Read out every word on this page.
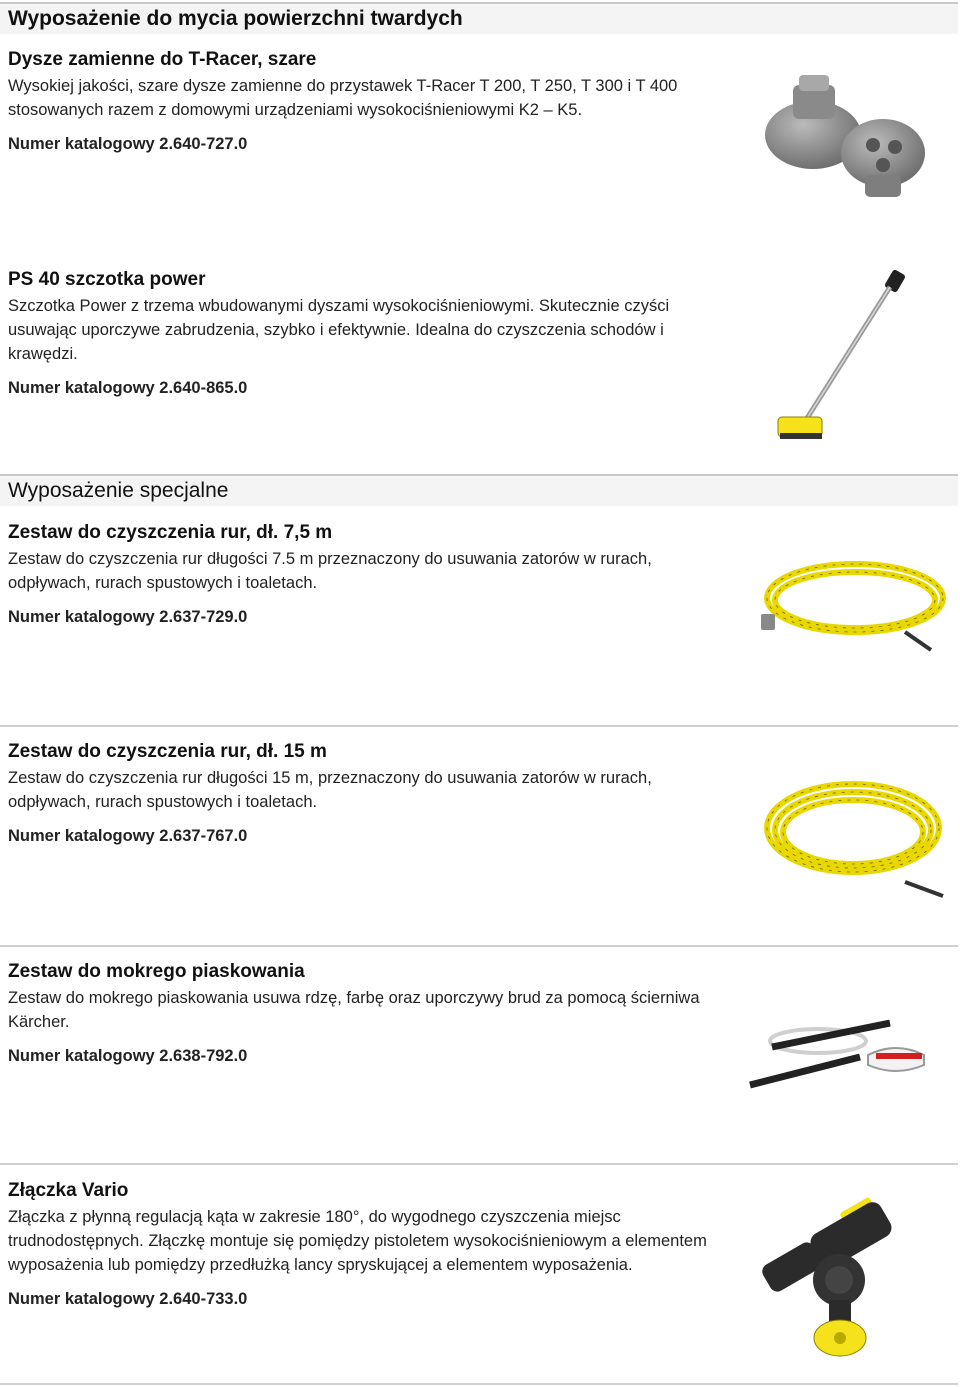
Wyposażenie do mycia powierzchni twardych
Dysze zamienne do T-Racer, szare
Wysokiej jakości, szare dysze zamienne do przystawek T-Racer T 200, T 250, T 300 i T 400 stosowanych razem z domowymi urządzeniami wysokociśnieniowymi K2 – K5.
Numer katalogowy 2.640-727.0
PS 40 szczotka power
Szczotka Power z trzema wbudowanymi dyszami wysokociśnieniowymi. Skutecznie czyści usuwając uporczywe zabrudzenia, szybko i efektywnie. Idealna do czyszczenia schodów i krawędzi.
Numer katalogowy 2.640-865.0
Wyposażenie specjalne
Zestaw do czyszczenia rur, dł. 7,5 m
Zestaw do czyszczenia rur długości 7.5 m przeznaczony do usuwania zatorów w rurach, odpływach, rurach spustowych i toaletach.
Numer katalogowy 2.637-729.0
Zestaw do czyszczenia rur, dł. 15 m
Zestaw do czyszczenia rur długości 15 m, przeznaczony do usuwania zatorów w rurach, odpływach, rurach spustowych i toaletach.
Numer katalogowy 2.637-767.0
Zestaw do mokrego piaskowania
Zestaw do mokrego piaskowania usuwa rdzę, farbę oraz uporczywy brud za pomocą ścierniwa Kärcher.
Numer katalogowy 2.638-792.0
Złączka Vario
Złączka z płynną regulacją kąta w zakresie 180°, do wygodnego czyszczenia miejsc trudnodostępnych. Złączkę montuje się pomiędzy pistoletem wysokociśnieniowym a elementem wyposażenia lub pomiędzy przedłużką lancy spryskującej a elementem wyposażenia.
Numer katalogowy 2.640-733.0
